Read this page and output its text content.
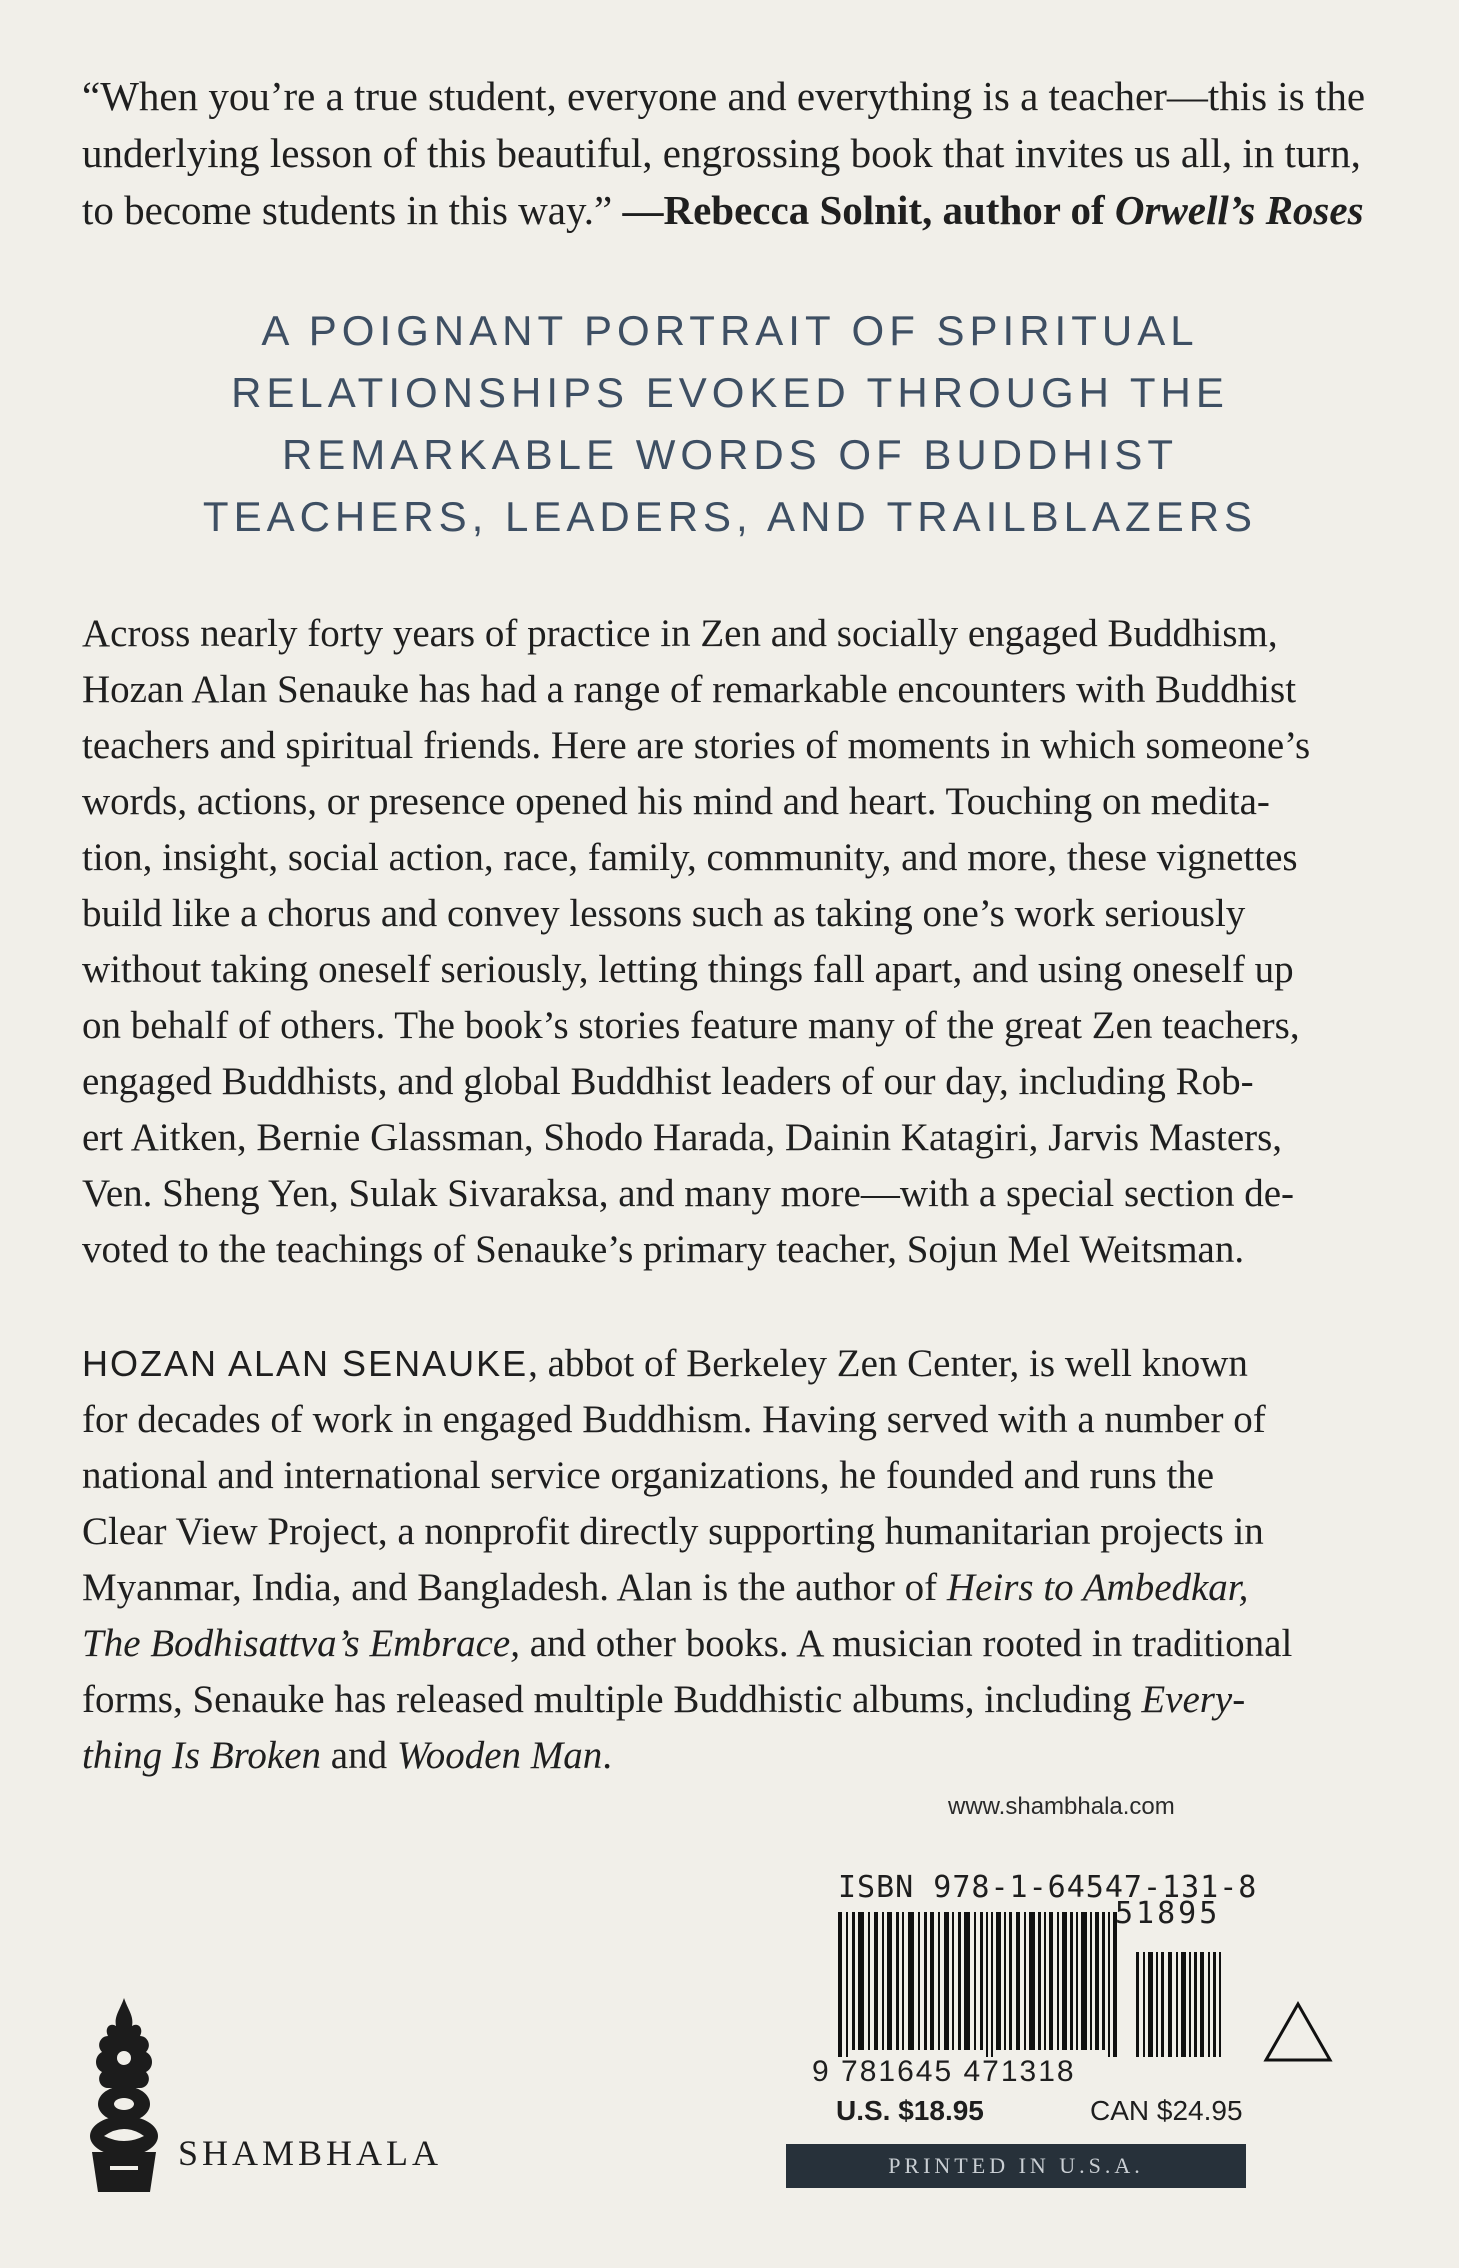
“When you’re a true student, everyone and everything is a teacher—this is the
underlying lesson of this beautiful, engrossing book that invites us all, in turn,
to become students in this way.” —Rebecca Solnit, author of Orwell’s Roses
A POIGNANT PORTRAIT OF SPIRITUAL
RELATIONSHIPS EVOKED THROUGH THE
REMARKABLE WORDS OF BUDDHIST
TEACHERS, LEADERS, AND TRAILBLAZERS
Across nearly forty years of practice in Zen and socially engaged Buddhism,
Hozan Alan Senauke has had a range of remarkable encounters with Buddhist
teachers and spiritual friends. Here are stories of moments in which someone’s
words, actions, or presence opened his mind and heart. Touching on medita-
tion, insight, social action, race, family, community, and more, these vignettes
build like a chorus and convey lessons such as taking one’s work seriously
without taking oneself seriously, letting things fall apart, and using oneself up
on behalf of others. The book’s stories feature many of the great Zen teachers,
engaged Buddhists, and global Buddhist leaders of our day, including Rob-
ert Aitken, Bernie Glassman, Shodo Harada, Dainin Katagiri, Jarvis Masters,
Ven. Sheng Yen, Sulak Sivaraksa, and many more—with a special section de-
voted to the teachings of Senauke’s primary teacher, Sojun Mel Weitsman.
HOZAN ALAN SENAUKE, abbot of Berkeley Zen Center, is well known
for decades of work in engaged Buddhism. Having served with a number of
national and international service organizations, he founded and runs the
Clear View Project, a nonprofit directly supporting humanitarian projects in
Myanmar, India, and Bangladesh. Alan is the author of Heirs to Ambedkar,
The Bodhisattva’s Embrace, and other books. A musician rooted in traditional
forms, Senauke has released multiple Buddhistic albums, including Every-
thing Is Broken and Wooden Man.
www.shambhala.com
ISBN 978-1-64547-131-8
51895
9 781645 471318
U.S. $18.95	CAN $24.95
PRINTED IN U.S.A.
SHAMBHALA
